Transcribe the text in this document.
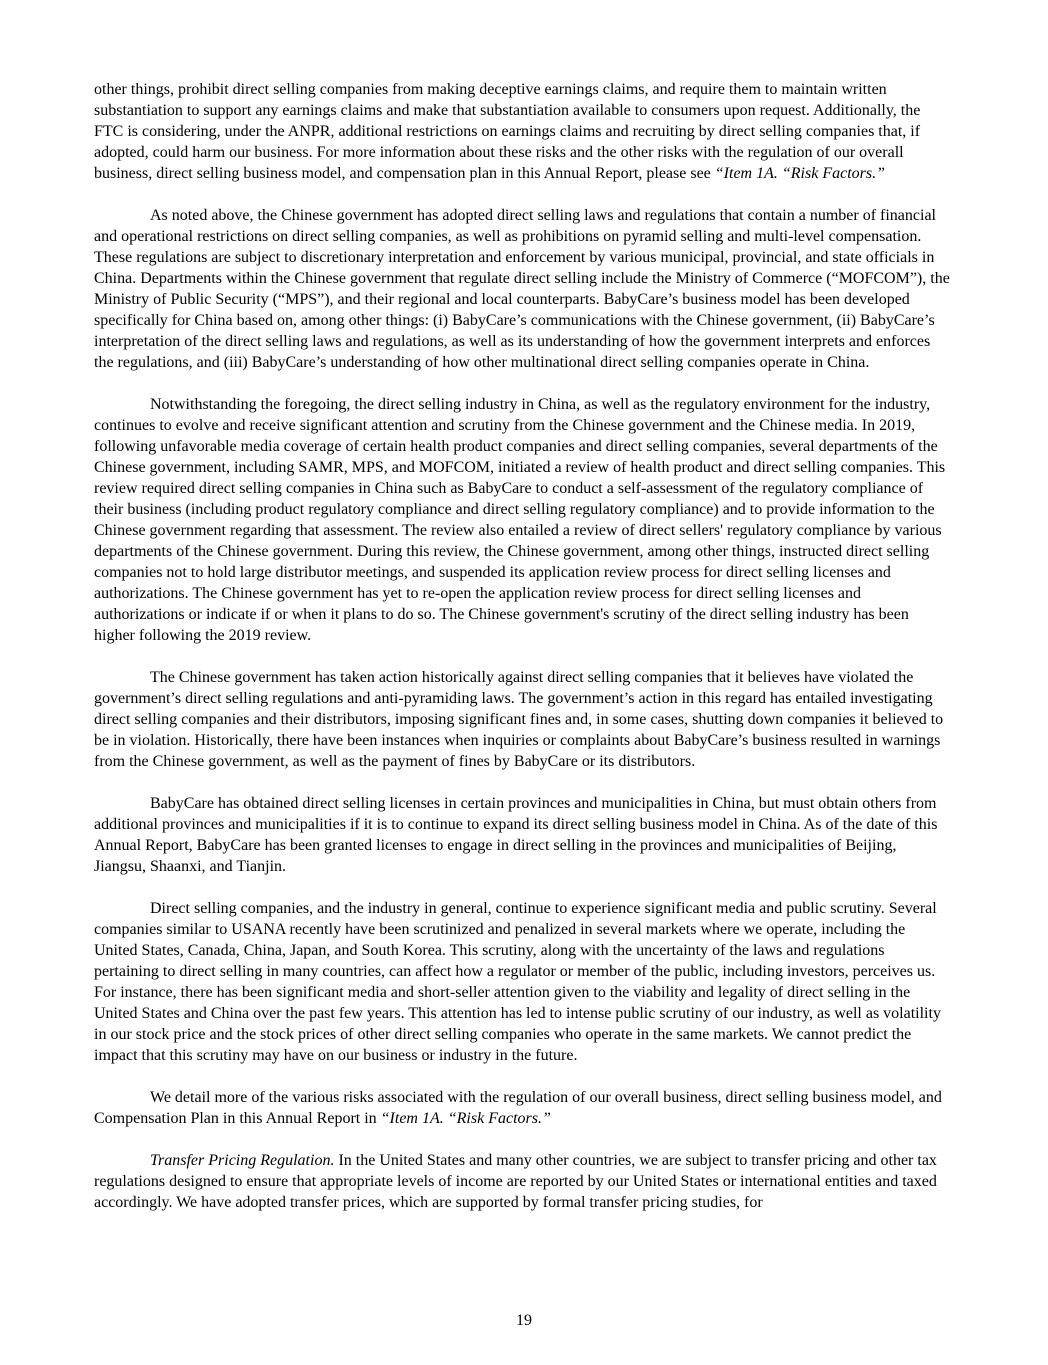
other things, prohibit direct selling companies from making deceptive earnings claims, and require them to maintain written substantiation to support any earnings claims and make that substantiation available to consumers upon request. Additionally, the FTC is considering, under the ANPR, additional restrictions on earnings claims and recruiting by direct selling companies that, if adopted, could harm our business. For more information about these risks and the other risks with the regulation of our overall business, direct selling business model, and compensation plan in this Annual Report, please see “Item 1A. “Risk Factors.”

As noted above, the Chinese government has adopted direct selling laws and regulations that contain a number of financial and operational restrictions on direct selling companies, as well as prohibitions on pyramid selling and multi-level compensation. These regulations are subject to discretionary interpretation and enforcement by various municipal, provincial, and state officials in China. Departments within the Chinese government that regulate direct selling include the Ministry of Commerce (“MOFCOM”), the Ministry of Public Security (“MPS”), and their regional and local counterparts. BabyCare’s business model has been developed specifically for China based on, among other things: (i) BabyCare’s communications with the Chinese government, (ii) BabyCare’s interpretation of the direct selling laws and regulations, as well as its understanding of how the government interprets and enforces the regulations, and (iii) BabyCare’s understanding of how other multinational direct selling companies operate in China.

Notwithstanding the foregoing, the direct selling industry in China, as well as the regulatory environment for the industry, continues to evolve and receive significant attention and scrutiny from the Chinese government and the Chinese media. In 2019, following unfavorable media coverage of certain health product companies and direct selling companies, several departments of the Chinese government, including SAMR, MPS, and MOFCOM, initiated a review of health product and direct selling companies. This review required direct selling companies in China such as BabyCare to conduct a self-assessment of the regulatory compliance of their business (including product regulatory compliance and direct selling regulatory compliance) and to provide information to the Chinese government regarding that assessment. The review also entailed a review of direct sellers' regulatory compliance by various departments of the Chinese government. During this review, the Chinese government, among other things, instructed direct selling companies not to hold large distributor meetings, and suspended its application review process for direct selling licenses and authorizations. The Chinese government has yet to re-open the application review process for direct selling licenses and authorizations or indicate if or when it plans to do so. The Chinese government's scrutiny of the direct selling industry has been higher following the 2019 review.

The Chinese government has taken action historically against direct selling companies that it believes have violated the government’s direct selling regulations and anti-pyramiding laws. The government’s action in this regard has entailed investigating direct selling companies and their distributors, imposing significant fines and, in some cases, shutting down companies it believed to be in violation. Historically, there have been instances when inquiries or complaints about BabyCare’s business resulted in warnings from the Chinese government, as well as the payment of fines by BabyCare or its distributors.

BabyCare has obtained direct selling licenses in certain provinces and municipalities in China, but must obtain others from additional provinces and municipalities if it is to continue to expand its direct selling business model in China. As of the date of this Annual Report, BabyCare has been granted licenses to engage in direct selling in the provinces and municipalities of Beijing, Jiangsu, Shaanxi, and Tianjin.

Direct selling companies, and the industry in general, continue to experience significant media and public scrutiny. Several companies similar to USANA recently have been scrutinized and penalized in several markets where we operate, including the United States, Canada, China, Japan, and South Korea. This scrutiny, along with the uncertainty of the laws and regulations pertaining to direct selling in many countries, can affect how a regulator or member of the public, including investors, perceives us. For instance, there has been significant media and short-seller attention given to the viability and legality of direct selling in the United States and China over the past few years. This attention has led to intense public scrutiny of our industry, as well as volatility in our stock price and the stock prices of other direct selling companies who operate in the same markets. We cannot predict the impact that this scrutiny may have on our business or industry in the future.

We detail more of the various risks associated with the regulation of our overall business, direct selling business model, and Compensation Plan in this Annual Report in “Item 1A. “Risk Factors.”

Transfer Pricing Regulation. In the United States and many other countries, we are subject to transfer pricing and other tax regulations designed to ensure that appropriate levels of income are reported by our United States or international entities and taxed accordingly. We have adopted transfer prices, which are supported by formal transfer pricing studies, for

19
